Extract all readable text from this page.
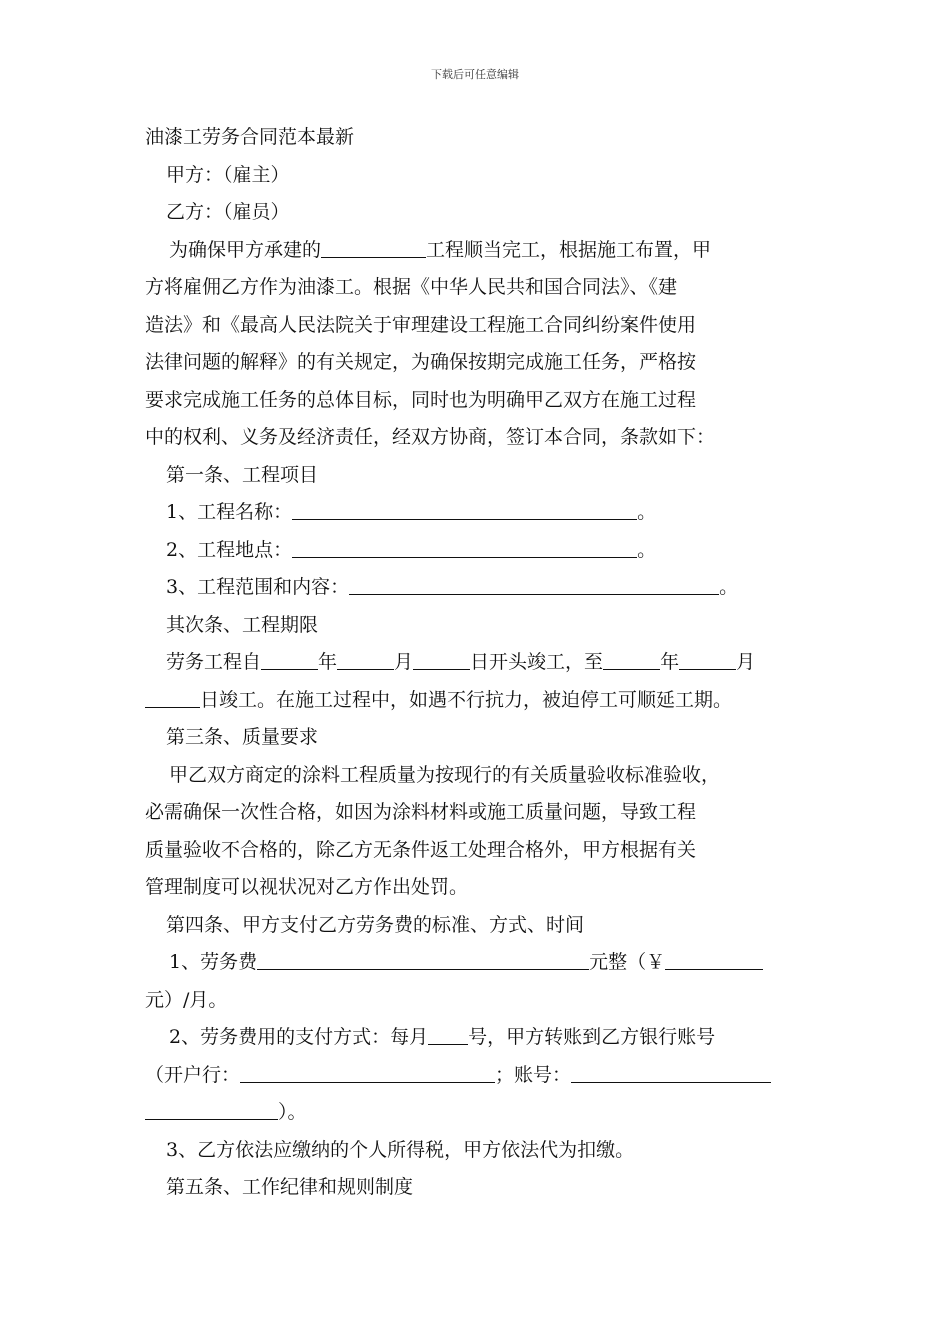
下载后可任意编辑
油漆工劳务合同范本最新
甲方：（雇主）
乙方：（雇员）
为确保甲方承建的	工程顺当完工，根据施工布置，甲
方将雇佣乙方作为油漆工。根据《中华人民共和国合同法》、《建
造法》和《最高人民法院关于审理建设工程施工合同纠纷案件使用
法律问题的解释》的有关规定，为确保按期完成施工任务，严格按
要求完成施工任务的总体目标，同时也为明确甲乙双方在施工过程
中的权利、义务及经济责任，经双方协商，签订本合同，条款如下：
第一条、工程项目
1、工程名称：	。
2、工程地点：	。
3、工程范围和内容：	。
其次条、工程期限
劳务工程自	年	月	日开头竣工，至	年	月
日竣工。在施工过程中，如遇不行抗力，被迫停工可顺延工期。
第三条、质量要求
甲乙双方商定的涂料工程质量为按现行的有关质量验收标准验收，
必需确保一次性合格，如因为涂料材料或施工质量问题，导致工程
质量验收不合格的，除乙方无条件返工处理合格外，甲方根据有关
管理制度可以视状况对乙方作出处罚。
第四条、甲方支付乙方劳务费的标准、方式、时间
1、劳务费	元整（￥
元）/月。
2、劳务费用的支付方式：每月 号，甲方转账到乙方银行账号
（开户行：	；账号：
）。
3、乙方依法应缴纳的个人所得税，甲方依法代为扣缴。
第五条、工作纪律和规则制度
